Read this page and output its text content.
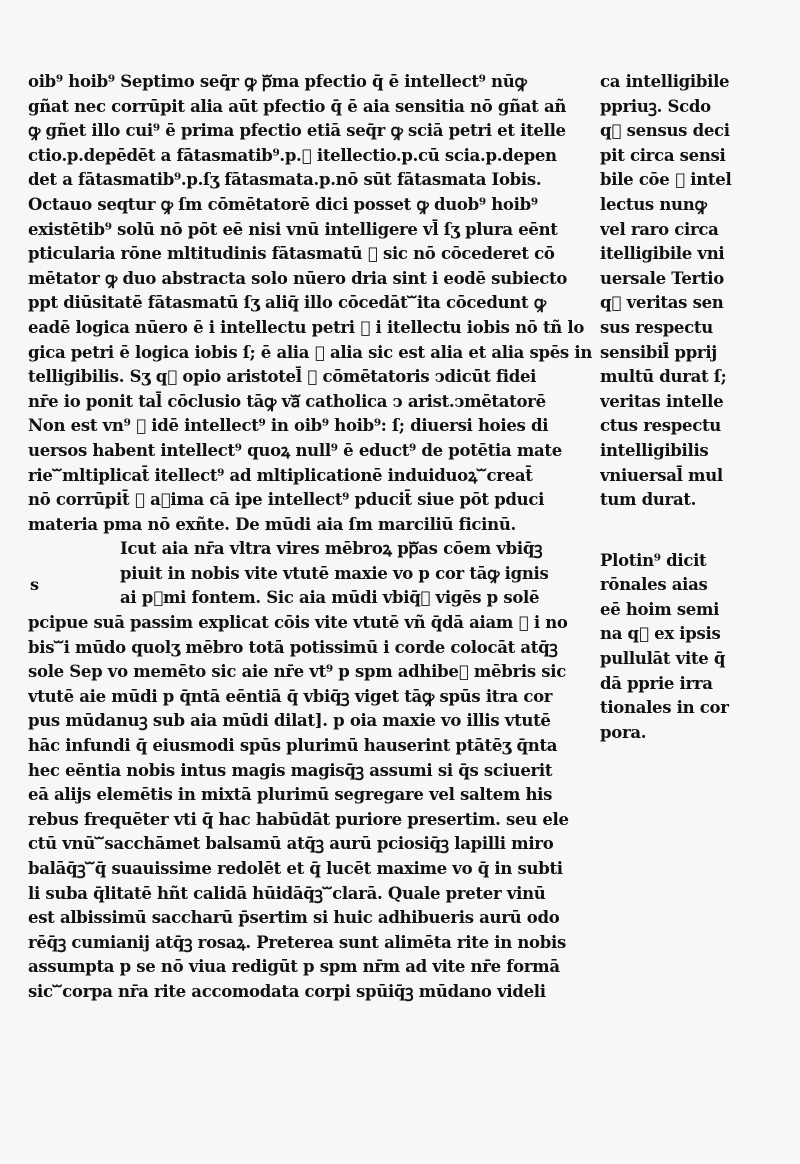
oib⁹ hoib⁹ Septimo seq̄r ꝙ pᷓma pfectio q̄ ē intellect⁹ nūꝙ
gñat nec corrūpit alia aūt pfectio q̄ ē aia sensitia nō gñat añ
ꝙ gñet illo cui⁹ ē prima pfectio etiā seq̄r ꝙ sciā petri et itelle
ctio.p.depēdēt a fātasmatib⁹.p.ᷓ itellectio.p.cū scia.p.depen
det a fātasmatib⁹.p.ſʒ fātasmata.p.nō sūt fātasmata Iobis.
Octauo seqtur ꝙ ſm cōmētatorē dici posset ꝙ duob⁹ hoib⁹
existētib⁹ solū nō pōt eē nisi vnū intelligere vl̄ ſʒ plura eēnt
pticularia rōne mltitudinis fātasmatū ᷓ sic nō cōcederet cō
mētator ꝙ duo abstracta solo nūero dria sint i eodē subiecto
ppt diūsitatē fātasmatū ſʒ aliq̄ illo cōcedāt ᷓ ita cōcedunt ꝙ
eadē logica nūero ē i intellectu petri ᷓ i itellectu iobis nō tñ lo
gica petri ē logica iobis ſ; ē alia ᷓ alia sic est alia et alia spēs in
telligibilis. Sʒ qᷓ opio aristotel̄ ᷓ cōmētatoris ↄdicūt fidei
nr̄e io ponit tal̄ cōclusio tāꝙ vaᷓ catholica ↄ arist.ↄmētatorē
Non est vn⁹ ᷓ idē intellect⁹ in oib⁹ hoib⁹: ſ; diuersi hoies di
uersos habent intellect⁹ quoꝝ null⁹ ē educt⁹ de potētia mate
rie ᷓ mltiplicat̄ itellect⁹ ad mltiplicationē induiduoꝝ ᷓ creat̄
nō corrūpit̄ ᷓ aᷓima cā ipe intellect⁹ pducit̄ siue pōt pduci
materia pma nō exñte. De mūdi aia ſm marciliū ficinū.
Icut aia nr̄a vltra vires mēbroꝝ ppᷓas cōem vbiq̄ꝫ
piuit in nobis vite vtutē maxie vo p cor tāꝙ ignis
ai pᷓmi fontem. Sic aia mūdi vbiq̄ꝫ vigēs p solē
pcipue suā passim explicat cōis vite vtutē vñ q̄dā aiam ᷓ i no
bis ᷓ i mūdo quolʒ mēbro totā potissimū i corde colocāt atq̄ꝫ
sole Sep vo memēto sic aie nr̄e vt⁹ p spm adhibeᷓ mēbris sic
vtutē aie mūdi p q̄ntā eēntiā q̄ vbiq̄ꝫ viget tāꝙ spūs itra cor
pus mūdanuꝫ sub aia mūdi dilat]. p oia maxie vo illis vtutē
hāc infundi q̄ eiusmodi spūs plurimū hauserint ptātēʒ q̄nta
hec eēntia nobis intus magis magisq̄ꝫ assumi si q̄s sciuerit
eā alijs elemētis in mixtā plurimū segregare vel saltem his
rebus frequēter vti q̄ hac habūdāt puriore presertim. seu ele
ctū vnū ᷓ sacchāmet balsamū atq̄ꝫ aurū pciosiq̄ꝫ lapilli miro
balāq̄ꝫ ᷓ q̄ suauissime redolēt et q̄ lucēt maxime vo q̄ in subti
li suba q̄litatē hñt calidā hūidāq̄ꝫ ᷓ clarā. Quale preter vinū
est albissimū saccharū p̄sertim si huic adhibueris aurū odo
rēq̄ꝫ cumianij atq̄ꝫ rosaꝝ. Preterea sunt alimēta rite in nobis
assumpta p se nō viua redigūt p spm nr̄m ad vite nr̄e formā
sic ᷓ corpa nr̄a rite accomodata corpi spūiq̄ꝫ mūdano videli
s
ca intelligibile
ppriuꝫ. Scdo
qᷓ sensus deci
pit circa sensi
bile cōe ᷓ intel
lectus nunꝙ
vel raro circa
itelligibile vni
uersale Tertio
qᷓ veritas sen
sus respectu
sensibil̄ pprij
multū durat ſ;
veritas intelle
ctus respectu
intelligibilis
vniuersal̄ mul
tum durat.
Plotin⁹ dicit
rōnales aias
eē hoim semi
na qᷓ ex ipsis
pullulāt vite q̄
dā pprie irra
tionales in cor
pora.
